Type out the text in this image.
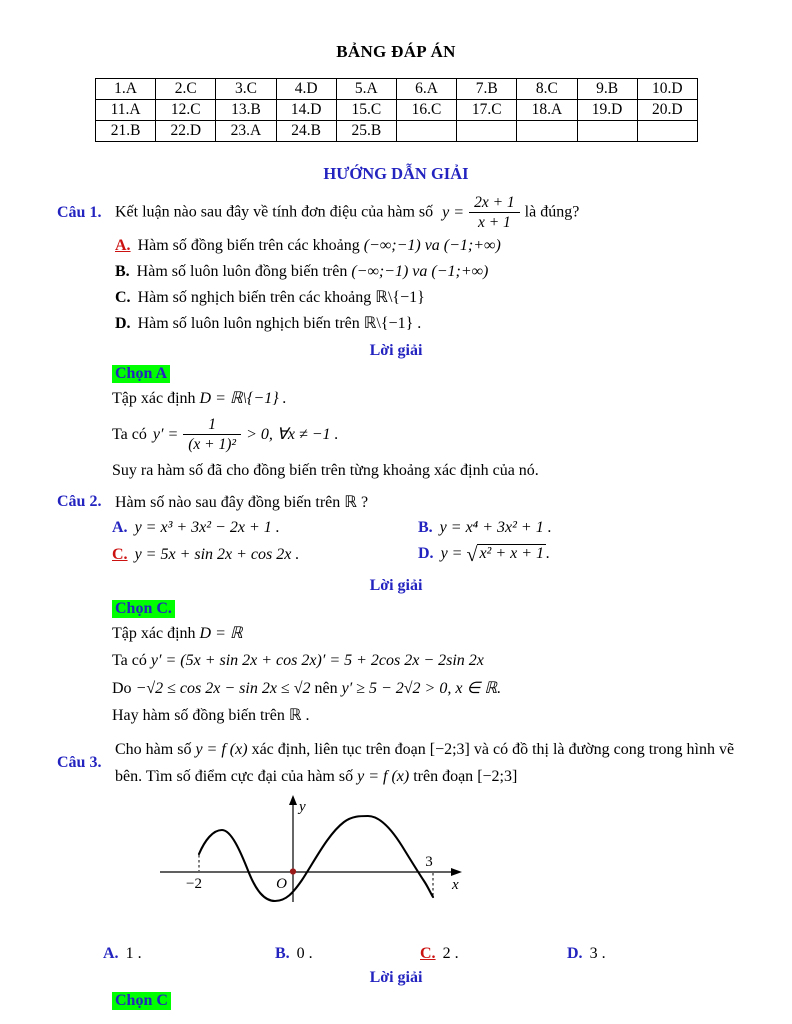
BẢNG ĐÁP ÁN
1.A	2.C	3.C	4.D	5.A	6.A	7.B	8.C	9.B	10.D
11.A	12.C	13.B	14.D	15.C	16.C	17.C	18.A	19.D	20.D
21.B	22.D	23.A	24.B	25.B					
HƯỚNG DẪN GIẢI
Câu 1. Kết luận nào sau đây về tính đơn điệu của hàm số $y = \frac{2x + 1}{x + 1}$ là đúng?
A. Hàm số đồng biến trên các khoảng (−∞;−1) va (−1;+∞)
B. Hàm số luôn luôn đồng biến trên (−∞;−1) va (−1;+∞)
C. Hàm số nghịch biến trên các khoảng ℝ\{−1}
D. Hàm số luôn luôn nghịch biến trên ℝ\{−1} .
Lời giải
Chọn A
Tập xác định D = ℝ\{−1} .
Ta có $y' = \frac{1}{\text{(x + 1)²}} > 0$, ∀x ≠ −1 .
Suy ra hàm số đã cho đồng biến trên từng khoảng xác định của nó.
Câu 2. Hàm số nào sau đây đồng biến trên ℝ ?
A. y = x³ + 3x² − 2x + 1 .	B. y = x⁴ + 3x² + 1 .
C. y = 5x + sin 2x + cos 2x .	D. y = √ x² + x + 1 .
Lời giải
Chọn C.
Tập xác định D = ℝ
Ta có y′ = (5x + sin 2x + cos 2x)′ = 5 + 2cos 2x − 2sin 2x
Do −√2 ≤ cos 2x − sin 2x ≤ √2 nên y′ ≥ 5 − 2√2 > 0, x ∈ ℝ.
Hay hàm số đồng biến trên ℝ .
Câu 3.
Cho hàm số y = f (x) xác định, liên tục trên đoạn [−2;3] và có đồ thị là đường cong trong hình vẽ
bên. Tìm số điểm cực đại của hàm số y = f (x) trên đoạn [−2;3]
y
x
O
−2
3
A. 1 .	B. 0 .	C. 2 .	D. 3 .
Lời giải
Chọn C
